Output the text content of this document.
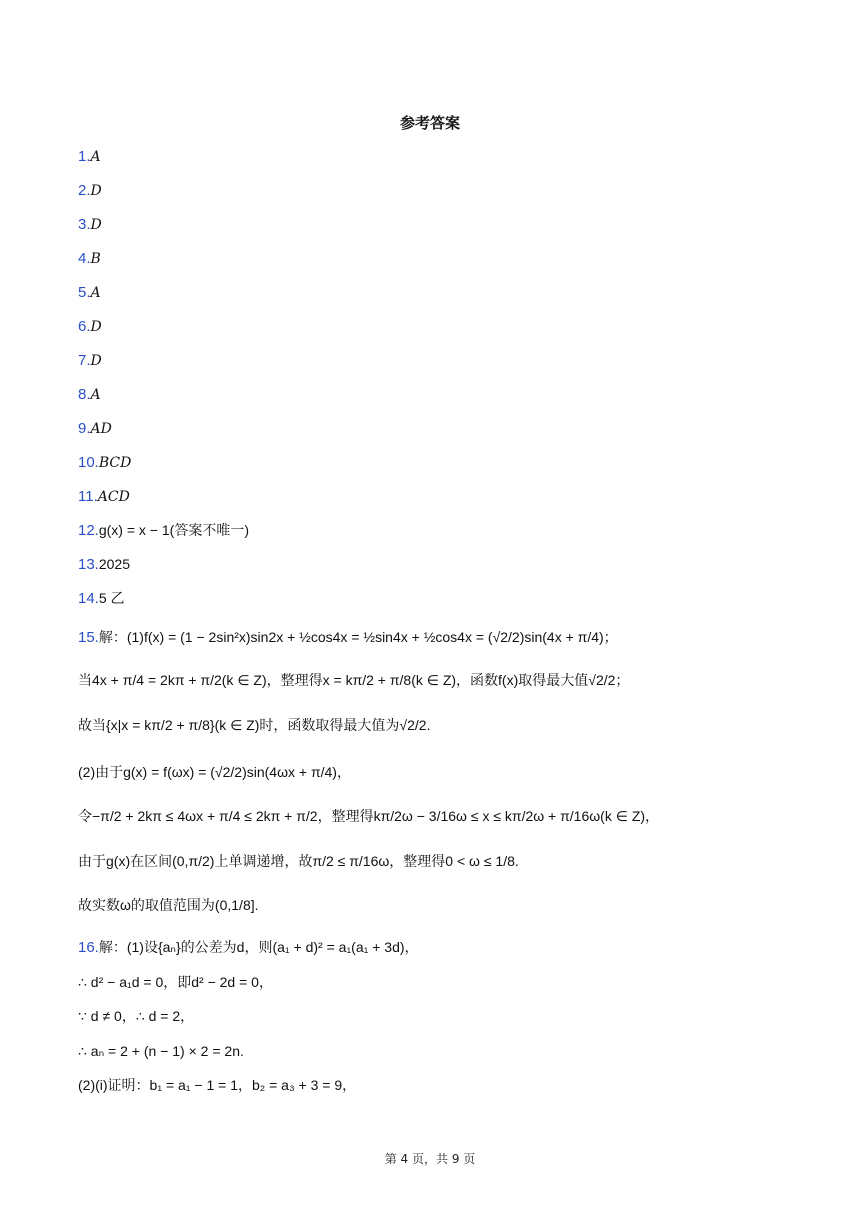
参考答案
1.A
2.D
3.D
4.B
5.A
6.D
7.D
8.A
9.AD
10.BCD
11.ACD
12.g(x) = x − 1(答案不唯一)
13.2025
14.5 乙
15.解：(1)f(x) = (1 − 2sin²x)sin2x + ½cos4x = ½sin4x + ½cos4x = (√2/2)sin(4x + π/4)；
当4x + π/4 = 2kπ + π/2(k ∈ Z)，整理得x = kπ/2 + π/8(k ∈ Z)，函数f(x)取得最大值√2/2；
故当{x|x = kπ/2 + π/8}(k ∈ Z)时，函数取得最大值为√2/2.
(2)由于g(x) = f(ωx) = (√2/2)sin(4ωx + π/4)，
令−π/2 + 2kπ ≤ 4ωx + π/4 ≤ 2kπ + π/2，整理得kπ/2ω − 3/16ω ≤ x ≤ kπ/2ω + π/16ω(k ∈ Z)，
由于g(x)在区间(0,π/2)上单调递增，故π/2 ≤ π/16ω，整理得0 < ω ≤ 1/8.
故实数ω的取值范围为(0,1/8].
16.解：(1)设{aₙ}的公差为d，则(a₁ + d)² = a₁(a₁ + 3d)，
∴ d² − a₁d = 0，即d² − 2d = 0，
∵ d ≠ 0，∴ d = 2，
∴ aₙ = 2 + (n − 1) × 2 = 2n.
(2)(i)证明：b₁ = a₁ − 1 = 1，b₂ = a₃ + 3 = 9，
第 4 页，共 9 页
